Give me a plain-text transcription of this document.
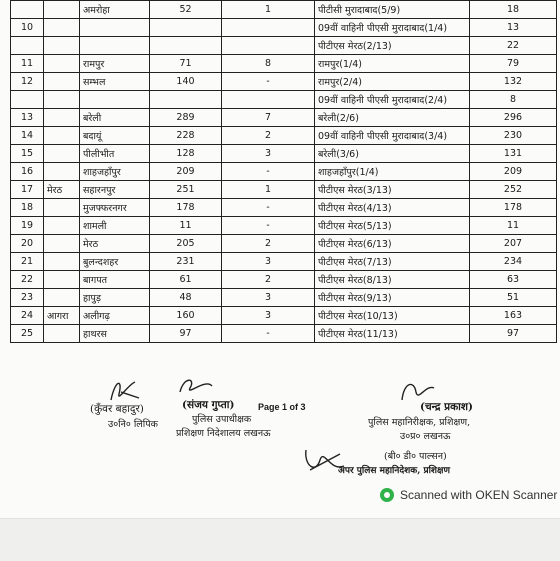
		अमरोहा	52	1	पीटीसी मुरादाबाद(5/9)	18
10					09वीं वाहिनी पीएसी मुरादाबाद(1/4)	13
					पीटीएस मेरठ(2/13)	22
11		रामपुर	71	8	रामपुर(1/4)	79
12		सम्भल	140	-	रामपुर(2/4)	132
					09वीं वाहिनी पीएसी मुरादाबाद(2/4)	8
13		बरेली	289	7	बरेली(2/6)	296
14		बदायूं	228	2	09वीं वाहिनी पीएसी मुरादाबाद(3/4)	230
15		पीलीभीत	128	3	बरेली(3/6)	131
16		शाहजहाँपुर	209	-	शाहजहाँपुर(1/4)	209
17	मेरठ	सहारनपुर	251	1	पीटीएस मेरठ(3/13)	252
18		मुजफ्फरनगर	178	-	पीटीएस मेरठ(4/13)	178
19		शामली	11	-	पीटीएस मेरठ(5/13)	11
20		मेरठ	205	2	पीटीएस मेरठ(6/13)	207
21		बुलन्दशहर	231	3	पीटीएस मेरठ(7/13)	234
22		बागपत	61	2	पीटीएस मेरठ(8/13)	63
23		हापुड़	48	3	पीटीएस मेरठ(9/13)	51
24	आगरा	अलीगढ़	160	3	पीटीएस मेरठ(10/13)	163
25		हाथरस	97	-	पीटीएस मेरठ(11/13)	97
(कुँवर बहादुर)
उ०नि० लिपिक
(संजय गुप्ता)	Page 1 of 3
पुलिस उपाधीक्षक
प्रशिक्षण निदेशालय लखनऊ
(चन्द्र प्रकाश)
पुलिस महानिरीक्षक, प्रशिक्षण,
उ०प्र० लखनऊ
(बी० डी० पाल्सन)
अपर पुलिस महानिदेशक, प्रशिक्षण
Scanned with OKEN Scanner
